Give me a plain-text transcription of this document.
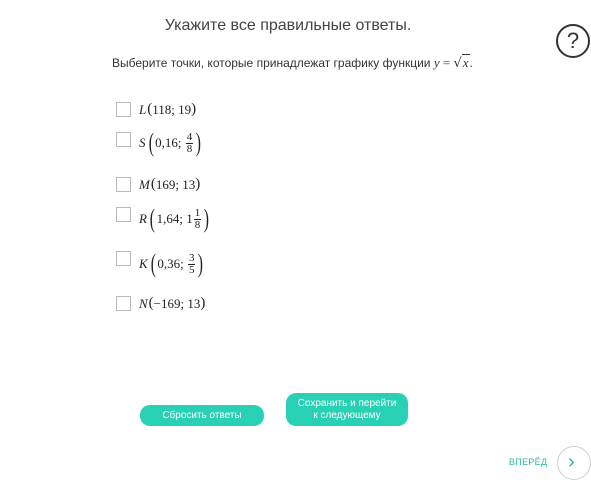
Укажите все правильные ответы.
?
Выберите точки, которые принадлежат графику функции y = √x.
L ( 118 ; 19 )
S ( 0,16 ; $\frac{4}{8}$ )
M ( 169 ; 13 )
R ( 1,64 ; $1 \frac{1}{8}$ )
K ( 0,36 ; $\frac{3}{5}$ )
N ( −169 ; 13 )
Сбросить ответы
Сохранить и перейти
к следующему
ВПЕРЁД	›
